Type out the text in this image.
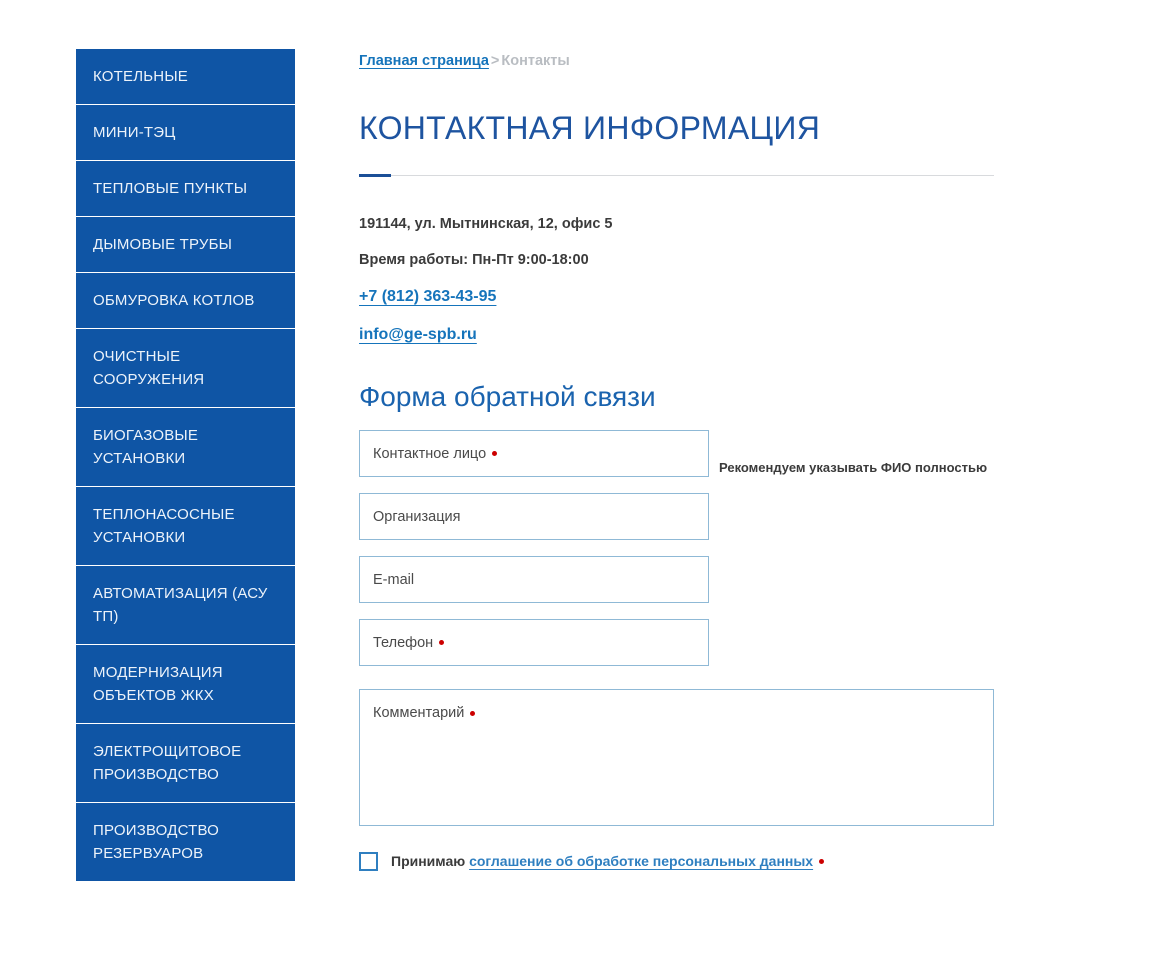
КОТЕЛЬНЫЕ
МИНИ-ТЭЦ
ТЕПЛОВЫЕ ПУНКТЫ
ДЫМОВЫЕ ТРУБЫ
ОБМУРОВКА КОТЛОВ
ОЧИСТНЫЕ СООРУЖЕНИЯ
БИОГАЗОВЫЕ УСТАНОВКИ
ТЕПЛОНАСОСНЫЕ УСТАНОВКИ
АВТОМАТИЗАЦИЯ (АСУ ТП)
МОДЕРНИЗАЦИЯ ОБЪЕКТОВ ЖКХ
ЭЛЕКТРОЩИТОВОЕ ПРОИЗВОДСТВО
ПРОИЗВОДСТВО РЕЗЕРВУАРОВ
Главная страница > Контакты
КОНТАКТНАЯ ИНФОРМАЦИЯ
191144, ул. Мытнинская, 12, офис 5
Время работы: Пн-Пт 9:00-18:00
+7 (812) 363-43-95
info@ge-spb.ru
Форма обратной связи
Контактное лицо
Рекомендуем указывать ФИО полностью
Организация
E-mail
Телефон
Комментарий
Принимаю соглашение об обработке персональных данных
